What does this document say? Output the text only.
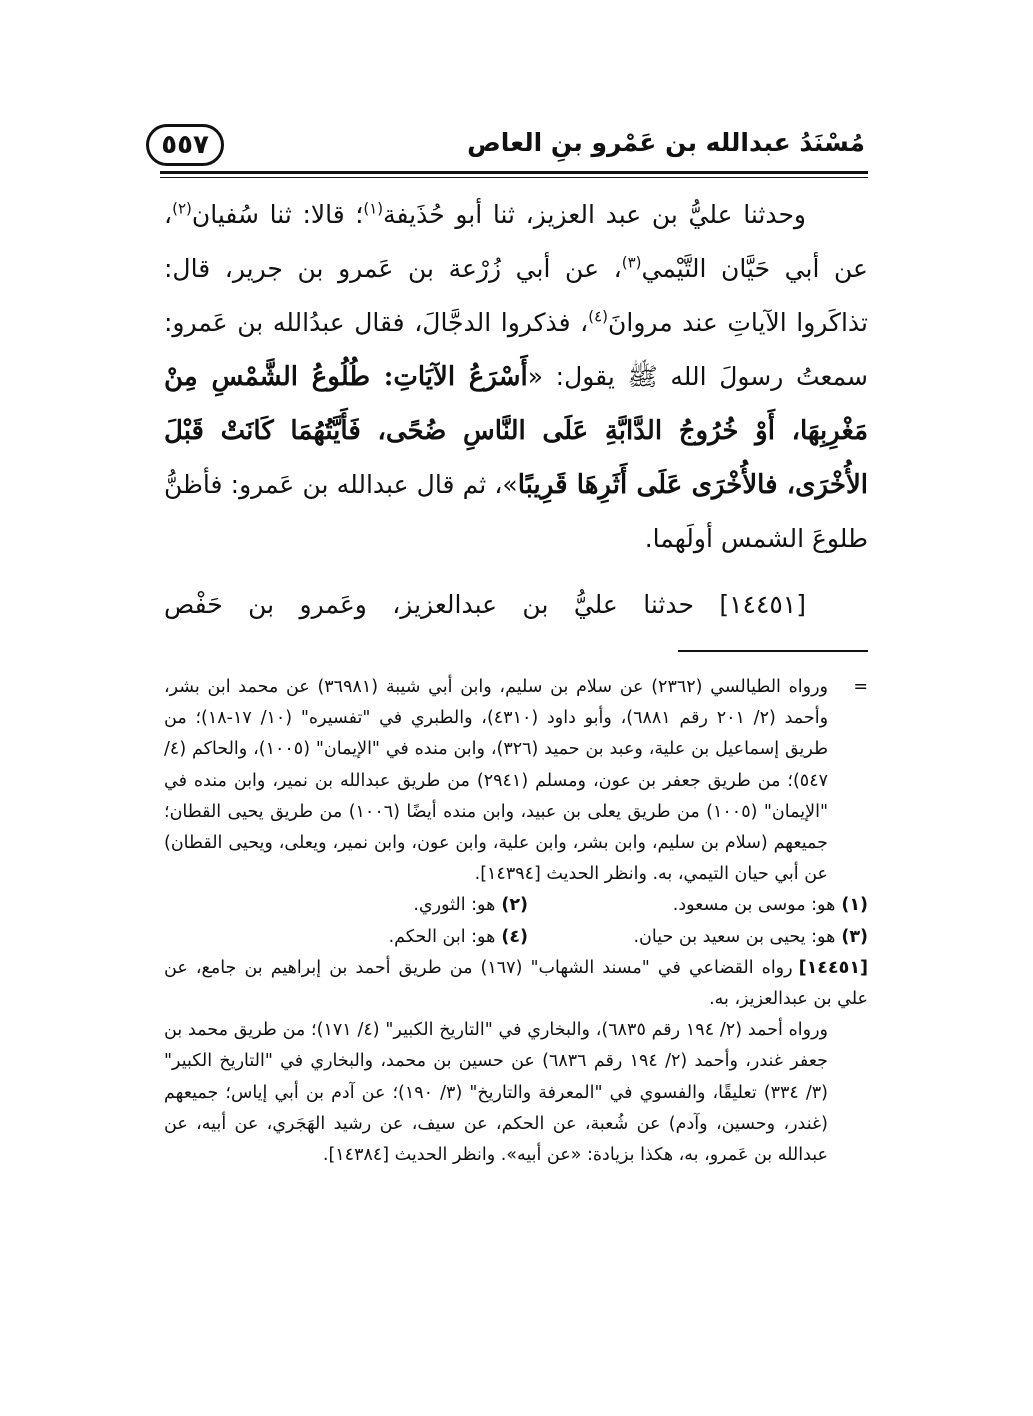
مُسْنَدُ عبدالله بن عَمْرو بنِ العاص
٥٥٧

وحدثنا عليُّ بن عبد العزيز، ثنا أبو حُذَيفة$^{(١)}$؛ قالا: ثنا سُفيان$^{(٢)}$، عن أبي حَيَّان التَّيْمي$^{(٣)}$، عن أبي زُرْعة بن عَمرو بن جرير، قال: تذاكَروا الآياتِ عند مروانَ$^{(٤)}$، فذكروا الدجَّالَ، فقال عبدُالله بن عَمرو: سمعتُ رسولَ الله ﷺ يقول: «أَسْرَعُ الآيَاتِ: طُلُوعُ الشَّمْسِ مِنْ مَغْرِبِهَا، أَوْ خُرُوجُ الدَّابَّةِ عَلَى النَّاسِ ضُحًى، فَأَيَّتُهُمَا كَانَتْ قَبْلَ الأُخْرَى، فالأُخْرَى عَلَى أَثَرِهَا قَرِيبًا»، ثم قال عبدالله بن عَمرو: فأظنُّ طلوعَ الشمس أولَهما.

[١٤٤٥١] حدثنا عليُّ بن عبدالعزيز، وعَمرو بن حَفْص

=
ورواه الطيالسي (٢٣٦٢) عن سلام بن سليم، وابن أبي شيبة (٣٦٩٨١) عن محمد ابن بشر، وأحمد (٢/ ٢٠١ رقم ٦٨٨١)، وأبو داود (٤٣١٠)، والطبري في "تفسيره" (١٠/ ١٧-١٨)؛ من طريق إسماعيل بن علية، وعبد بن حميد (٣٢٦)، وابن منده في "الإيمان" (١٠٠٥)، والحاكم (٤/ ٥٤٧)؛ من طريق جعفر بن عون، ومسلم (٢٩٤١) من طريق عبدالله بن نمير، وابن منده في "الإيمان" (١٠٠٥) من طريق يعلى بن عبيد، وابن منده أيضًا (١٠٠٦) من طريق يحيى القطان؛ جميعهم (سلام بن سليم، وابن بشر، وابن علية، وابن عون، وابن نمير، ويعلى، ويحيى القطان) عن أبي حيان التيمي، به. وانظر الحديث [١٤٣٩٤].

(١)هو: موسى بن مسعود.
(٢)هو: الثوري.
(٣)هو: يحيى بن سعيد بن حيان.
(٤)هو: ابن الحكم.

[١٤٤٥١]رواه القضاعي في "مسند الشهاب" (١٦٧) من طريق أحمد بن إبراهيم بن جامع، عن علي بن عبدالعزيز، به.

ورواه أحمد (٢/ ١٩٤ رقم ٦٨٣٥)، والبخاري في "التاريخ الكبير" (٤/ ١٧١)؛ من طريق محمد بن جعفر غندر، وأحمد (٢/ ١٩٤ رقم ٦٨٣٦) عن حسين بن محمد، والبخاري في "التاريخ الكبير" (٣/ ٣٣٤) تعليقًا، والفسوي في "المعرفة والتاريخ" (٣/ ١٩٠)؛ عن آدم بن أبي إياس؛ جميعهم (غندر، وحسين، وآدم) عن شُعبة، عن الحكم، عن سيف، عن رشيد الهَجَري، عن أبيه، عن عبدالله بن عَمرو، به، هكذا بزيادة: «عن أبيه». وانظر الحديث [١٤٣٨٤].
